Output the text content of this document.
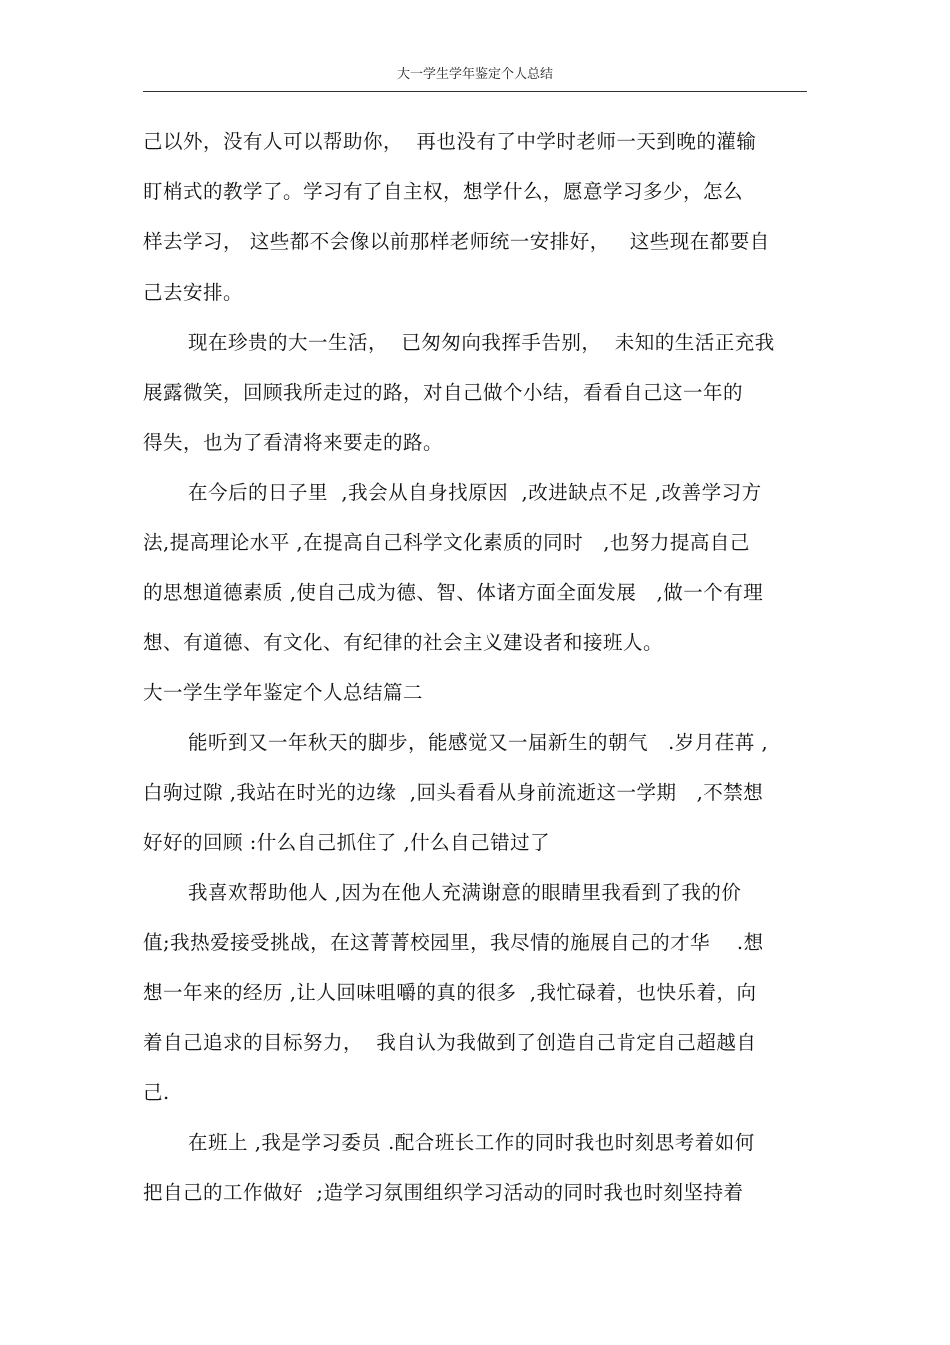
大一学生学年鉴定个人总结
己以外，没有人可以帮助你，  再也没有了中学时老师一天到晚的灌输
盯梢式的教学了。学习有了自主权，想学什么，愿意学习多少，怎么
样去学习， 这些都不会像以前那样老师统一安排好，   这些现在都要自
己去安排。
现在珍贵的大一生活，  已匆匆向我挥手告别，  未知的生活正充我
展露微笑，回顾我所走过的路，对自己做个小结，看看自己这一年的
得失，也为了看清将来要走的路。
在今后的日子里  ,我会从自身找原因  ,改进缺点不足 ,改善学习方
法,提高理论水平 ,在提高自己科学文化素质的同时   ,也努力提高自己
的思想道德素质 ,使自己成为德、智、体诸方面全面发展   ,做一个有理
想、有道德、有文化、有纪律的社会主义建设者和接班人。
大一学生学年鉴定个人总结篇二
能听到又一年秋天的脚步，能感觉又一届新生的朝气   .岁月荏苒 ,
白驹过隙 ,我站在时光的边缘  ,回头看看从身前流逝这一学期   ,不禁想
好好的回顾 :什么自己抓住了 ,什么自己错过了
我喜欢帮助他人 ,因为在他人充满谢意的眼睛里我看到了我的价
值;我热爱接受挑战，在这菁菁校园里，我尽情的施展自己的才华    .想
想一年来的经历 ,让人回味咀嚼的真的很多  ,我忙碌着，也快乐着，向
着自己追求的目标努力，  我自认为我做到了创造自己肯定自己超越自
己.
在班上 ,我是学习委员 .配合班长工作的同时我也时刻思考着如何
把自己的工作做好  ;造学习氛围组织学习活动的同时我也时刻坚持着
